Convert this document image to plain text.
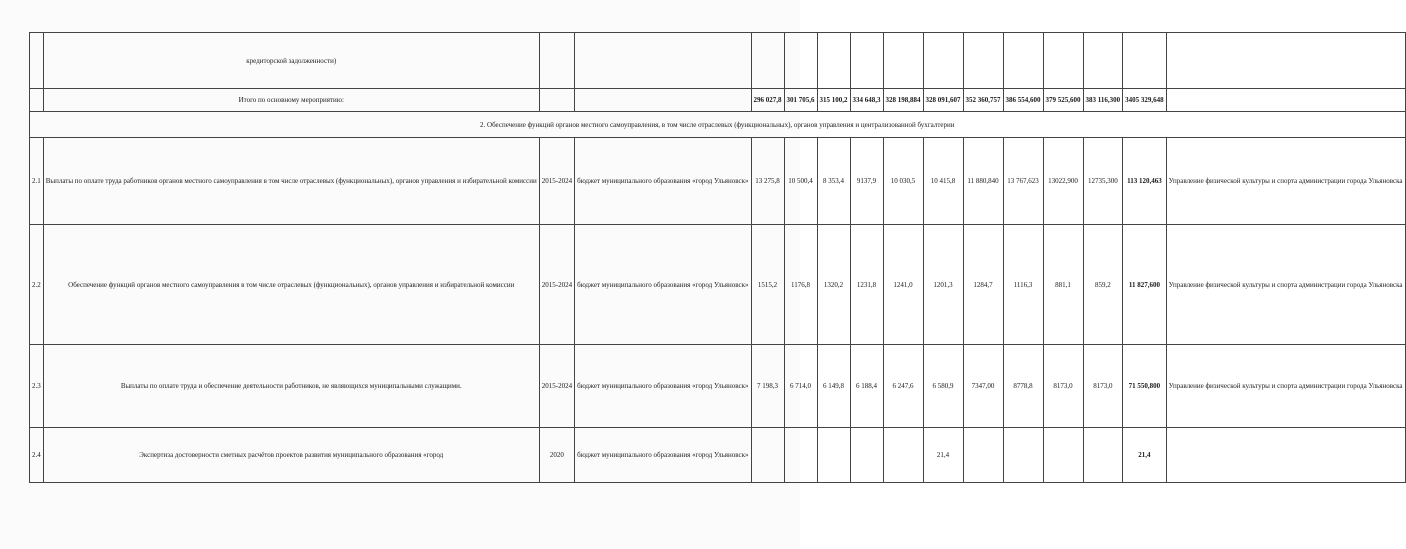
	кредиторской задолженности)														
	Итого по основному мероприятию:			296 027,8	301 705,6	315 100,2	334 648,3	328 198,884	328 091,607	352 360,757	386 554,600	379 525,600	383 116,300	3405 329,648	
2. Обеспечение функций органов местного самоуправления, в том числе отраслевых (функциональных), органов управления и централизованной бухгалтерии															
2.1	Выплаты по оплате труда работников органов местного самоуправления в том числе отраслевых (функциональных), органов управления и избирательной комиссии	2015-2024	бюджет муниципального образования «город Ульяновск»	13 275,8	10 500,4	8 353,4	9137,9	10 030,5	10 415,8	11 880,840	13 767,623	13022,900	12735,300	113 120,463	Управление физической культуры и спорта администрации города Ульяновска
2.2	Обеспечение функций органов местного самоуправления в том числе отраслевых (функциональных), органов управления и избирательной комиссии	2015-2024	бюджет муниципального образования «город Ульяновск»	1515,2	1176,8	1320,2	1231,8	1241,0	1201,3	1284,7	1116,3	881,1	859,2	11 827,600	Управление физической культуры и спорта администрации города Ульяновска
2.3	Выплаты по оплате труда и обеспечение деятельности работников, не являющихся муниципальными служащими.	2015-2024	бюджет муниципального образования «город Ульяновск»	7 198,3	6 714,0	6 149,8	6 188,4	6 247,6	6 580,9	7347,00	8778,8	8173,0	8173,0	71 550,800	Управление физической культуры и спорта администрации города Ульяновска
2.4	Экспертиза достоверности сметных расчётов проектов развития муниципального образования «город	2020	бюджет муниципального образования «город Ульяновск»						21,4					21,4	
